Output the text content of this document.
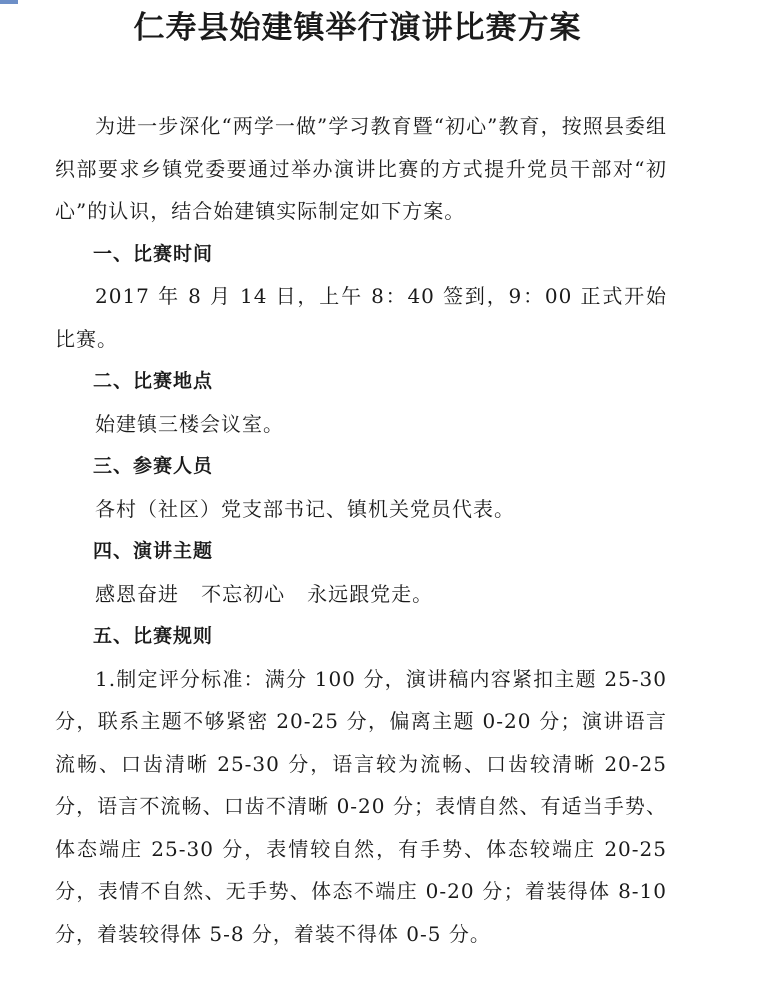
仁寿县始建镇举行演讲比赛方案

为进一步深化“两学一做”学习教育暨“初心”教育，按照县委组织部要求乡镇党委要通过举办演讲比赛的方式提升党员干部对“初心”的认识，结合始建镇实际制定如下方案。

一、比赛时间

2017 年 8 月 14 日，上午 8：40 签到，9：00 正式开始比赛。

二、比赛地点

始建镇三楼会议室。

三、参赛人员

各村（社区）党支部书记、镇机关党员代表。

四、演讲主题

感恩奋进   不忘初心   永远跟党走。

五、比赛规则

1.制定评分标准：满分 100 分，演讲稿内容紧扣主题 25-30 分，联系主题不够紧密 20-25 分，偏离主题 0-20 分；演讲语言流畅、口齿清晰 25-30 分，语言较为流畅、口齿较清晰 20-25 分，语言不流畅、口齿不清晰 0-20 分；表情自然、有适当手势、体态端庄 25-30 分，表情较自然，有手势、体态较端庄 20-25 分，表情不自然、无手势、体态不端庄 0-20 分；着装得体 8-10 分，着装较得体 5-8 分，着装不得体 0-5 分。
